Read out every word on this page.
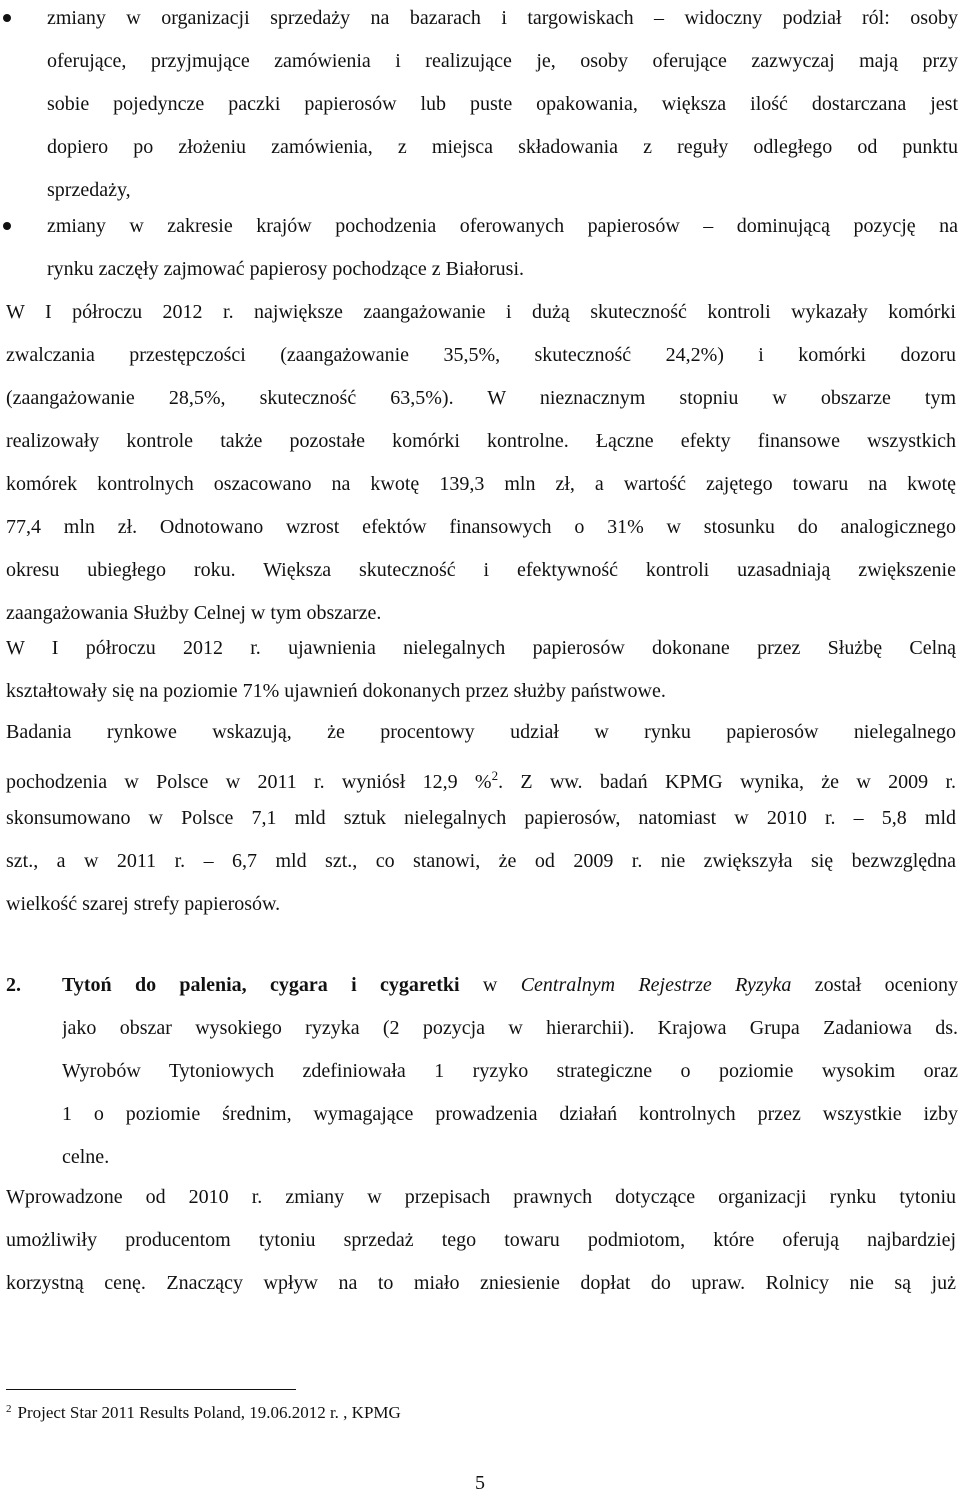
zmiany w organizacji sprzedaży na bazarach i targowiskach – widoczny podział ról: osoby
oferujące, przyjmujące zamówienia i realizujące je, osoby oferujące zazwyczaj mają przy
sobie pojedyncze paczki papierosów lub puste opakowania, większa ilość dostarczana jest
dopiero po złożeniu zamówienia, z miejsca składowania z reguły odległego od punktu
sprzedaży,
zmiany w zakresie krajów pochodzenia oferowanych papierosów – dominującą pozycję na
rynku zaczęły zajmować papierosy pochodzące z Białorusi.
W I półroczu 2012 r. największe zaangażowanie i dużą skuteczność kontroli wykazały komórki
zwalczania przestępczości (zaangażowanie 35,5%, skuteczność 24,2%) i komórki dozoru
(zaangażowanie 28,5%, skuteczność 63,5%). W nieznacznym stopniu w obszarze tym
realizowały kontrole także pozostałe komórki kontrolne. Łączne efekty finansowe wszystkich
komórek kontrolnych oszacowano na kwotę 139,3 mln zł, a wartość zajętego towaru na kwotę
77,4 mln zł. Odnotowano wzrost efektów finansowych o 31% w stosunku do analogicznego
okresu ubiegłego roku. Większa skuteczność i efektywność kontroli uzasadniają zwiększenie
zaangażowania Służby Celnej w tym obszarze.
W I półroczu 2012 r. ujawnienia nielegalnych papierosów dokonane przez Służbę Celną
kształtowały się na poziomie 71% ujawnień dokonanych przez służby państwowe.
Badania rynkowe wskazują, że procentowy udział w rynku papierosów nielegalnego
pochodzenia w Polsce w 2011 r. wyniósł 12,9 %$^2$. Z ww. badań KPMG wynika, że w 2009 r.
skonsumowano w Polsce 7,1 mld sztuk nielegalnych papierosów, natomiast w 2010 r. – 5,8 mld
szt., a w 2011 r. – 6,7 mld szt., co stanowi, że od 2009 r. nie zwiększyła się bezwzględna
wielkość szarej strefy papierosów.
2. Tytoń do palenia, cygara i cygaretki w Centralnym Rejestrze Ryzyka został oceniony
jako obszar wysokiego ryzyka (2 pozycja w hierarchii). Krajowa Grupa Zadaniowa ds.
Wyrobów Tytoniowych zdefiniowała 1 ryzyko strategiczne o poziomie wysokim oraz
1 o poziomie średnim, wymagające prowadzenia działań kontrolnych przez wszystkie izby
celne.
Wprowadzone od 2010 r. zmiany w przepisach prawnych dotyczące organizacji rynku tytoniu
umożliwiły producentom tytoniu sprzedaż tego towaru podmiotom, które oferują najbardziej
korzystną cenę. Znaczący wpływ na to miało zniesienie dopłat do upraw. Rolnicy nie są już
$^2$ Project Star 2011 Results Poland, 19.06.2012 r. , KPMG
5
